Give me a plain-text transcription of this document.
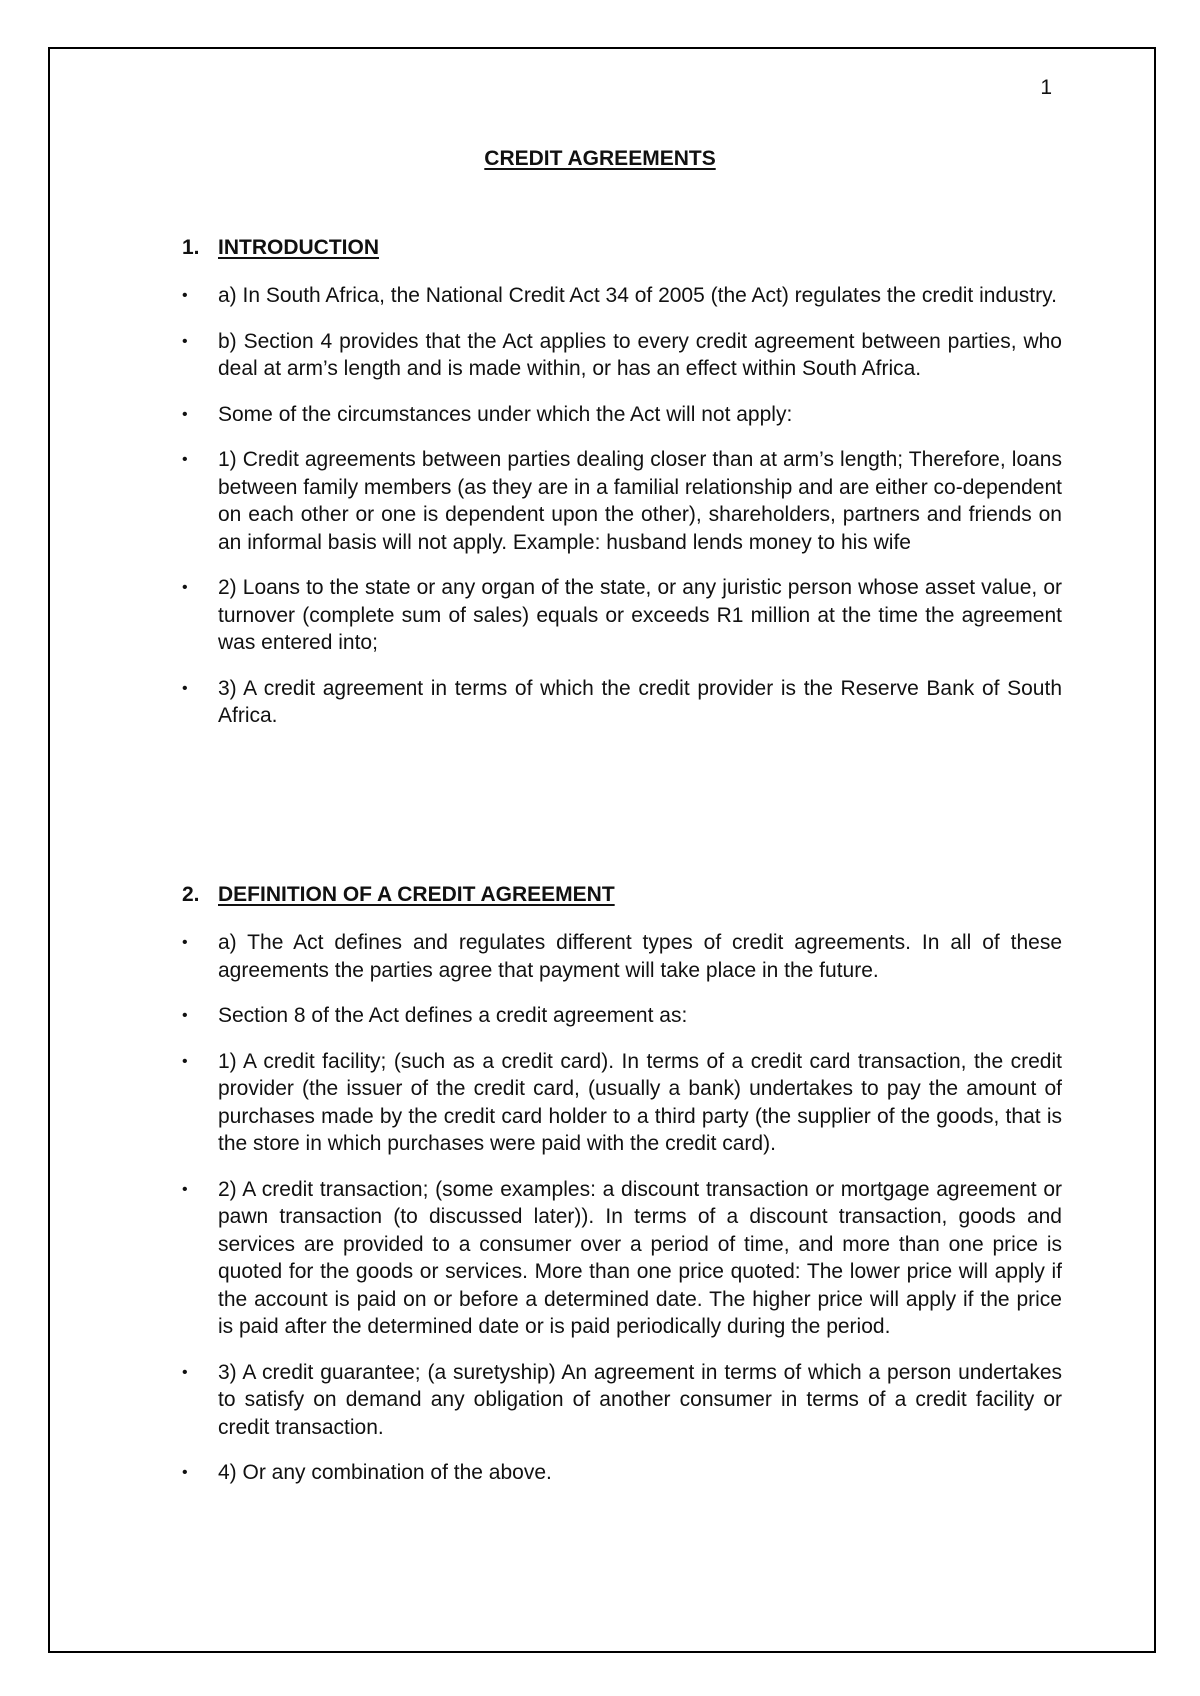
1
CREDIT AGREEMENTS
1. INTRODUCTION
•	a) In South Africa, the National Credit Act 34 of 2005 (the Act) regulates the credit industry.
•	b) Section 4 provides that the Act applies to every credit agreement between parties, who deal at arm’s length and is made within, or has an effect within South Africa.
•	Some of the circumstances under which the Act will not apply:
•	1) Credit agreements between parties dealing closer than at arm’s length; Therefore, loans between family members (as they are in a familial relationship and are either co-dependent on each other or one is dependent upon the other), shareholders, partners and friends on an informal basis will not apply. Example: husband lends money to his wife
•	2) Loans to the state or any organ of the state, or any juristic person whose asset value, or turnover (complete sum of sales) equals or exceeds R1 million at the time the agreement was entered into;
•	3) A credit agreement in terms of which the credit provider is the Reserve Bank of South Africa.
2. DEFINITION OF A CREDIT AGREEMENT
•	a) The Act defines and regulates different types of credit agreements. In all of these agreements the parties agree that payment will take place in the future.
•	Section 8 of the Act defines a credit agreement as:
•	1) A credit facility; (such as a credit card). In terms of a credit card transaction, the credit provider (the issuer of the credit card, (usually a bank) undertakes to pay the amount of purchases made by the credit card holder to a third party (the supplier of the goods, that is the store in which purchases were paid with the credit card).
•	2) A credit transaction; (some examples: a discount transaction or mortgage agreement or pawn transaction (to discussed later)). In terms of a discount transaction, goods and services are provided to a consumer over a period of time, and more than one price is quoted for the goods or services. More than one price quoted: The lower price will apply if the account is paid on or before a determined date. The higher price will apply if the price is paid after the determined date or is paid periodically during the period.
•	3) A credit guarantee; (a suretyship) An agreement in terms of which a person undertakes to satisfy on demand any obligation of another consumer in terms of a credit facility or credit transaction.
•	4) Or any combination of the above.
